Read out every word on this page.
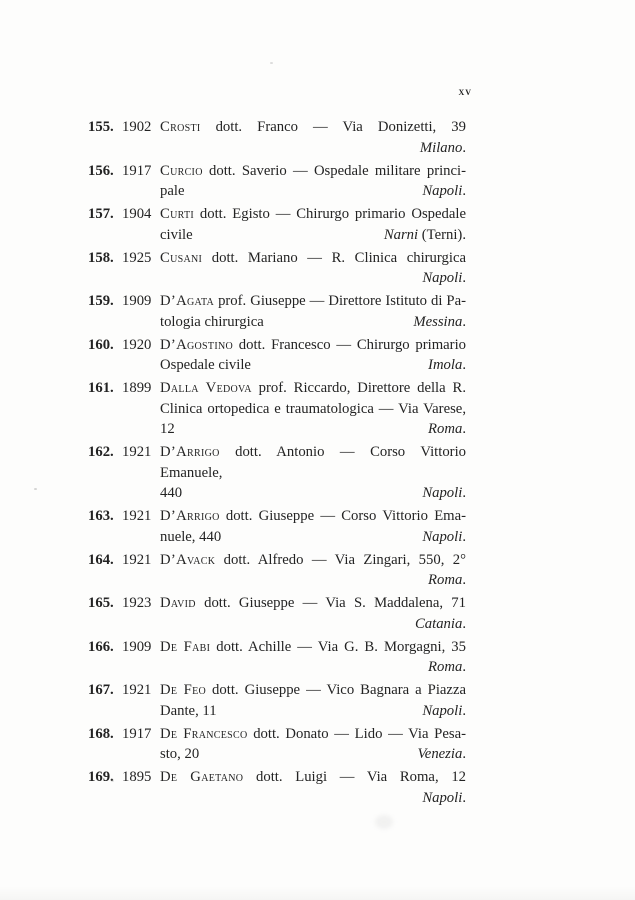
xv
155. 1902 Crosti dott. Franco — Via Donizetti, 39
Milano.
156. 1917 Curcio dott. Saverio — Ospedale militare princi-
pale	Napoli.
157. 1904 Curti dott. Egisto — Chirurgo primario Ospedale
civile	Narni (Terni).
158. 1925 Cusani dott. Mariano — R. Clinica chirurgica
Napoli.
159. 1909 D’Agata prof. Giuseppe — Direttore Istituto di Pa-
tologia chirurgica	Messina.
160. 1920 D’Agostino dott. Francesco — Chirurgo primario
Ospedale civile	Imola.
161. 1899 Dalla Vedova prof. Riccardo, Direttore della R.
Clinica ortopedica e traumatologica — Via Varese,
12	Roma.
162. 1921 D’Arrigo dott. Antonio — Corso Vittorio Emanuele,
440	Napoli.
163. 1921 D’Arrigo dott. Giuseppe — Corso Vittorio Ema-
nuele, 440	Napoli.
164. 1921 D’Avack dott. Alfredo — Via Zingari, 550, 2°
Roma.
165. 1923 David dott. Giuseppe — Via S. Maddalena, 71
Catania.
166. 1909 De Fabi dott. Achille — Via G. B. Morgagni, 35
Roma.
167. 1921 De Feo dott. Giuseppe — Vico Bagnara a Piazza
Dante, 11	Napoli.
168. 1917 De Francesco dott. Donato — Lido — Via Pesa-
sto, 20	Venezia.
169. 1895 De Gaetano dott. Luigi — Via Roma, 12
Napoli.
